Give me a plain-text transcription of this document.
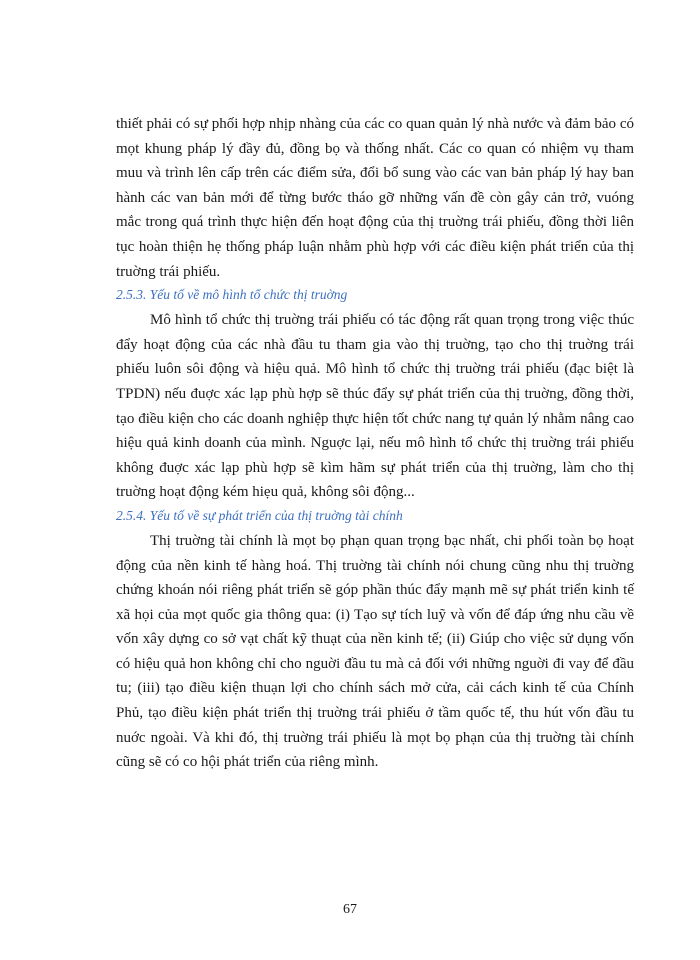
thiết phải có sự phối hợp nhịp nhàng của các co quan quản lý nhà nước và đảm bảo có mọt khung pháp lý đầy đủ, đồng bọ và thống nhất. Các co quan có nhiệm vụ tham muu và trình lên cấp trên các điểm sửa, đổi bổ sung vào các van bản pháp lý hay ban hành các van bản mới để từng bước tháo gỡ những vấn đề còn gây cản trở, vuóng mắc trong quá trình thực hiện đến hoạt động của thị truờng trái phiếu, đồng thời liên tục hoàn thiện hẹ thống pháp luận nhằm phù hợp với các điều kiện phát triển của thị truờng trái phiếu.

2.5.3. Yếu tố về mô hình tổ chức thị truờng

Mô hình tổ chức thị truờng trái phiếu có tác động rất quan trọng trong việc thúc đẩy hoạt động của các nhà đầu tu tham gia vào thị truờng, tạo cho thị truờng trái phiếu luôn sôi động và hiệu quả. Mô hình tổ chức thị truờng trái phiếu (đạc biệt là TPDN) nếu đuợc xác lạp phù hợp sẽ thúc đẩy sự phát triển của thị truờng, đồng thời, tạo điều kiện cho các doanh nghiệp thực hiện tốt chức nang tự quản lý nhằm nâng cao hiệu quả kinh doanh của mình. Nguợc lại, nếu mô hình tổ chức thị truờng trái phiếu không đuợc xác lạp phù hợp sẽ kìm hãm sự phát triển của thị truờng, làm cho thị truờng hoạt động kém hiẹu quả, không sôi động...

2.5.4. Yếu tố về sự phát triển của thị truờng tài chính

Thị truờng tài chính là mọt bọ phạn quan trọng bạc nhất, chi phối toàn bọ hoạt động của nền kinh tế hàng hoá. Thị truờng tài chính nói chung cũng nhu thị truờng chứng khoán nói riêng phát triển sẽ góp phần thúc đẩy mạnh mẽ sự phát triển kinh tế xã họi của mọt quốc gia thông qua: (i) Tạo sự tích luỹ và vốn để đáp ứng nhu cầu về vốn xây dựng co sở vạt chất kỹ thuạt của nền kinh tế; (ii) Giúp cho việc sử dụng vốn có hiệu quả hon không chỉ cho nguời đầu tu mà cả đối với những nguời đi vay để đầu tu; (iii) tạo điều kiện thuạn lợi cho chính sách mở cửa, cải cách kinh tế của Chính Phủ, tạo điều kiện phát triển thị truờng trái phiếu ở tầm quốc tế, thu hút vốn đầu tu nuớc ngoài. Và khi đó, thị truờng trái phiếu là mọt bọ phạn của thị truờng tài chính cũng sẽ có co hội phát triển của riêng mình.

67
